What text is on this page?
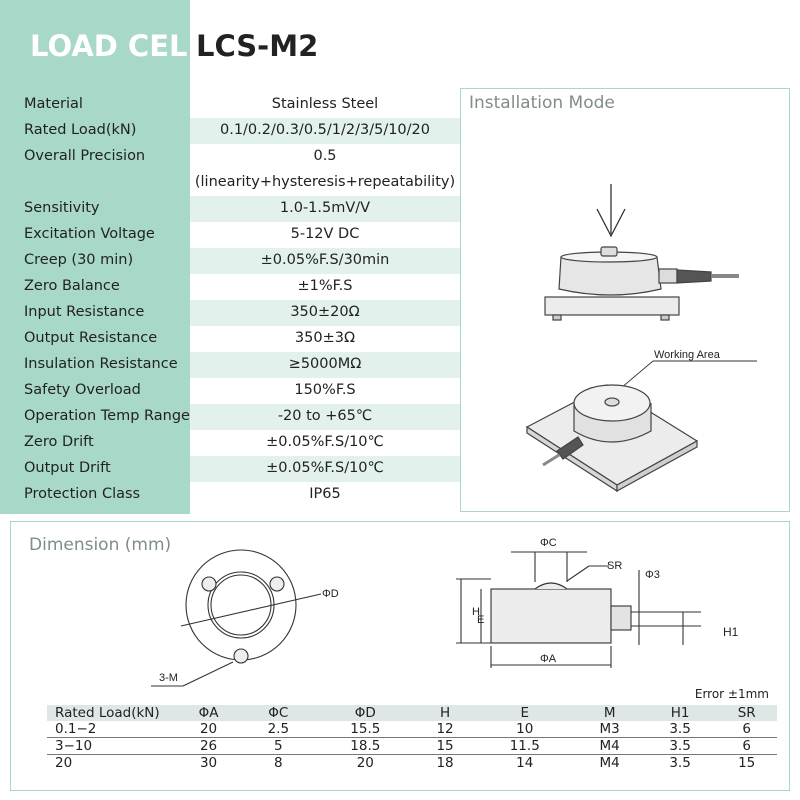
LOAD CELL
LCS-M2
Material	Stainless Steel
Rated Load(kN)	0.1/0.2/0.3/0.5/1/2/3/5/10/20
Overall Precision	0.5
(linearity+hysteresis+repeatability)
Sensitivity	1.0-1.5mV/V
Excitation Voltage	5-12V DC
Creep (30 min)	±0.05%F.S/30min
Zero Balance	±1%F.S
Input Resistance	350±20Ω
Output Resistance	350±3Ω
Insulation Resistance	≥5000MΩ
Safety Overload	150%F.S
Operation Temp Range	-20 to +65℃
Zero Drift	±0.05%F.S/10℃
Output Drift	±0.05%F.S/10℃
Protection Class	IP65
Installation Mode
Working Area
Dimension (mm)
ΦD
3-M
ΦC
SR
Φ3
H
E
ΦA
H1
Error ±1mm
Rated Load(kN)	ΦA	ΦC	ΦD	H	E	M	H1	SR
0.1−2	20	2.5	15.5	12	10	M3	3.5	6
3−10	26	5	18.5	15	11.5	M4	3.5	6
20	30	8	20	18	14	M4	3.5	15
